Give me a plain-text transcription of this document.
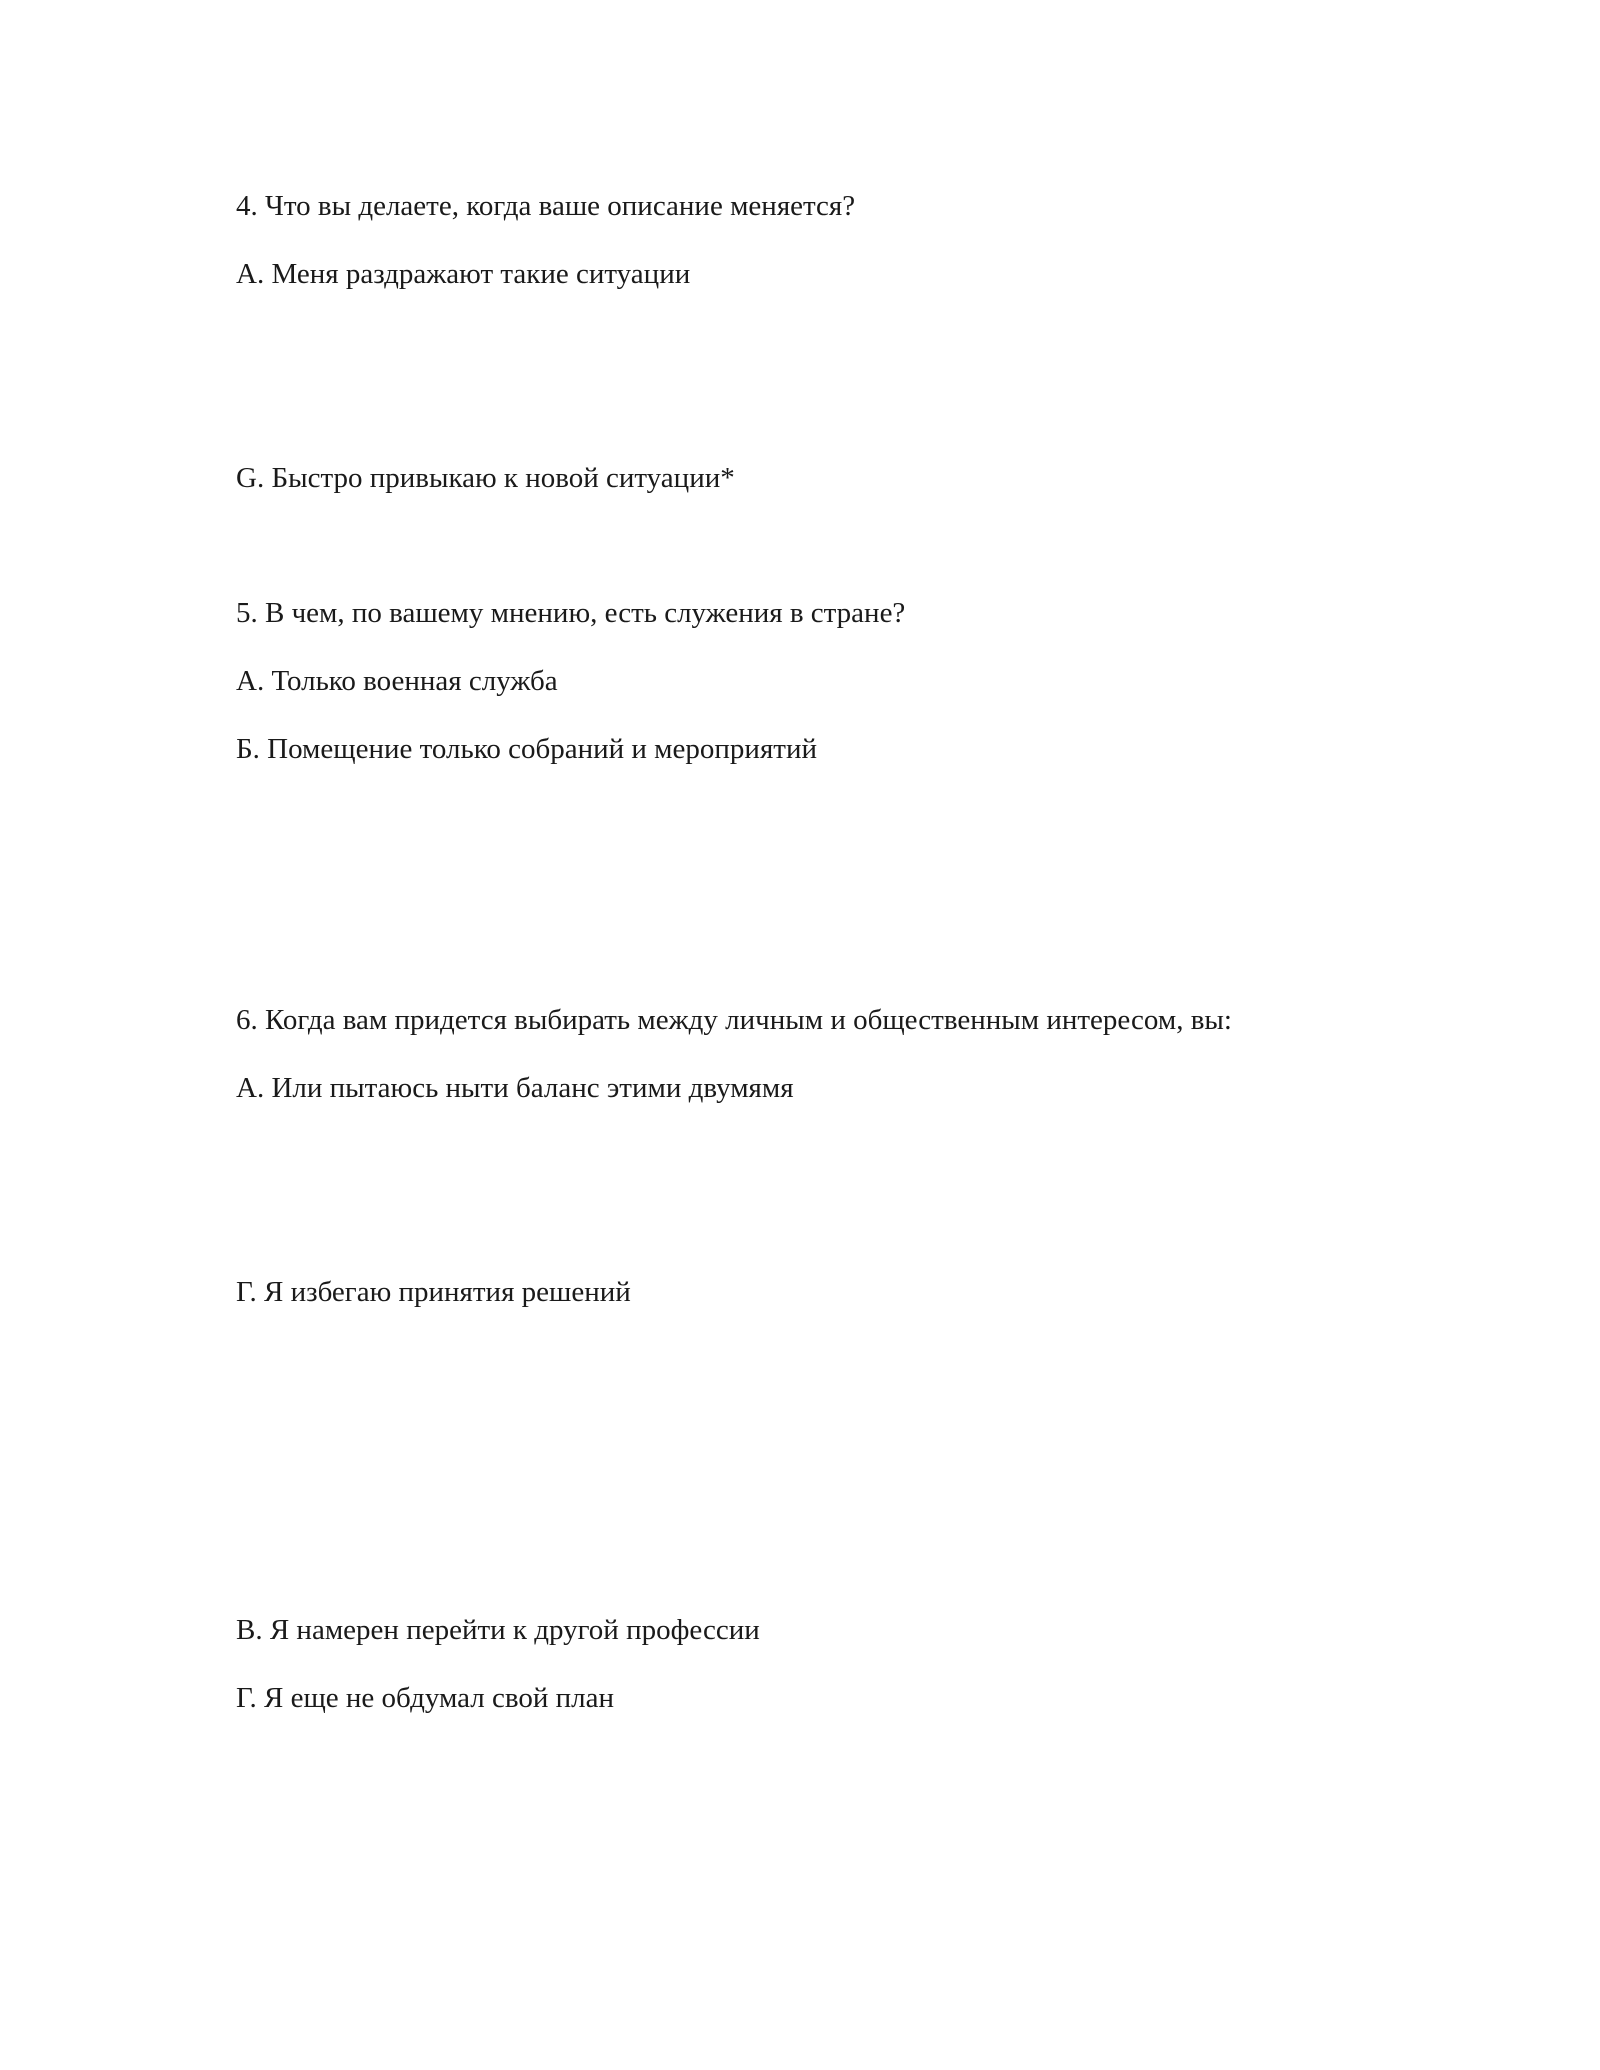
4. Что вы делаете, когда ваше описание меняется?

А. Меня раздражают такие ситуации

G. Быстро привыкаю к новой ситуации*

5. В чем, по вашему мнению, есть служения в стране?

А. Только военная служба

Б. Помещение только собраний и мероприятий

6. Когда вам придется выбирать между личным и общественным интересом, вы:

А. Или пытаюсь ныти баланс этими двумямя

Г. Я избегаю принятия решений

В. Я намерен перейти к другой профессии

Г. Я еще не обдумал свой план
